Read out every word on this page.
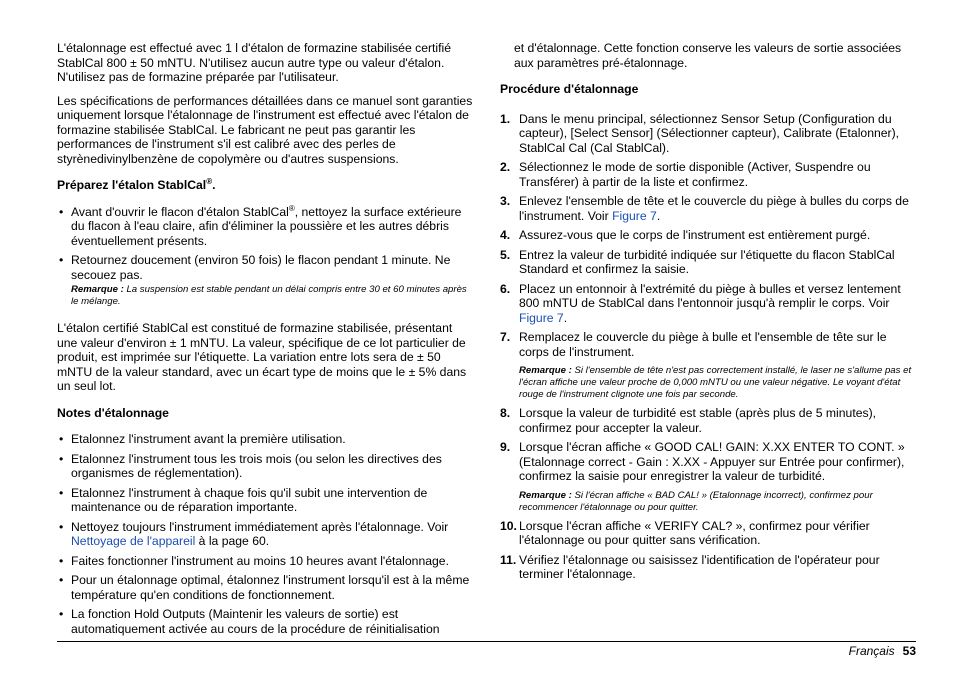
L'étalonnage est effectué avec 1 l d'étalon de formazine stabilisée certifié StablCal 800 ± 50 mNTU. N'utilisez aucun autre type ou valeur d'étalon. N'utilisez pas de formazine préparée par l'utilisateur.

Les spécifications de performances détaillées dans ce manuel sont garanties uniquement lorsque l'étalonnage de l'instrument est effectué avec l'étalon de formazine stabilisée StablCal. Le fabricant ne peut pas garantir les performances de l'instrument s'il est calibré avec des perles de styrènedivinylbenzène de copolymère ou d'autres suspensions.

Préparez l'étalon StablCal®.

• Avant d'ouvrir le flacon d'étalon StablCal®, nettoyez la surface extérieure du flacon à l'eau claire, afin d'éliminer la poussière et les autres débris éventuellement présents.
• Retournez doucement (environ 50 fois) le flacon pendant 1 minute. Ne secouez pas.

Remarque : La suspension est stable pendant un délai compris entre 30 et 60 minutes après le mélange.

L'étalon certifié StablCal est constitué de formazine stabilisée, présentant une valeur d'environ ± 1 mNTU. La valeur, spécifique de ce lot particulier de produit, est imprimée sur l'étiquette. La variation entre lots sera de ± 50 mNTU de la valeur standard, avec un écart type de moins que le ± 5% dans un seul lot.

Notes d'étalonnage

• Etalonnez l'instrument avant la première utilisation.
• Etalonnez l'instrument tous les trois mois (ou selon les directives des organismes de réglementation).
• Etalonnez l'instrument à chaque fois qu'il subit une intervention de maintenance ou de réparation importante.
• Nettoyez toujours l'instrument immédiatement après l'étalonnage. Voir Nettoyage de l'appareil à la page 60.
• Faites fonctionner l'instrument au moins 10 heures avant l'étalonnage.
• Pour un étalonnage optimal, étalonnez l'instrument lorsqu'il est à la même température qu'en conditions de fonctionnement.
• La fonction Hold Outputs (Maintenir les valeurs de sortie) est automatiquement activée au cours de la procédure de réinitialisation

et d'étalonnage. Cette fonction conserve les valeurs de sortie associées aux paramètres pré-étalonnage.

Procédure d'étalonnage

1. Dans le menu principal, sélectionnez Sensor Setup (Configuration du capteur), [Select Sensor] (Sélectionner capteur), Calibrate (Etalonner), StablCal Cal (Cal StablCal).
2. Sélectionnez le mode de sortie disponible (Activer, Suspendre ou Transférer) à partir de la liste et confirmez.
3. Enlevez l'ensemble de tête et le couvercle du piège à bulles du corps de l'instrument. Voir Figure 7.
4. Assurez-vous que le corps de l'instrument est entièrement purgé.
5. Entrez la valeur de turbidité indiquée sur l'étiquette du flacon StablCal Standard et confirmez la saisie.
6. Placez un entonnoir à l'extrémité du piège à bulles et versez lentement 800 mNTU de StablCal dans l'entonnoir jusqu'à remplir le corps. Voir Figure 7.
7. Remplacez le couvercle du piège à bulle et l'ensemble de tête sur le corps de l'instrument.

Remarque : Si l'ensemble de tête n'est pas correctement installé, le laser ne s'allume pas et l'écran affiche une valeur proche de 0,000 mNTU ou une valeur négative. Le voyant d'état rouge de l'instrument clignote une fois par seconde.

8. Lorsque la valeur de turbidité est stable (après plus de 5 minutes), confirmez pour accepter la valeur.
9. Lorsque l'écran affiche « GOOD CAL! GAIN: X.XX ENTER TO CONT. » (Etalonnage correct - Gain : X.XX - Appuyer sur Entrée pour confirmer), confirmez la saisie pour enregistrer la valeur de turbidité.

Remarque : Si l'écran affiche « BAD CAL! » (Etalonnage incorrect), confirmez pour recommencer l'étalonnage ou pour quitter.

10. Lorsque l'écran affiche « VERIFY CAL? », confirmez pour vérifier l'étalonnage ou pour quitter sans vérification.
11. Vérifiez l'étalonnage ou saisissez l'identification de l'opérateur pour terminer l'étalonnage.
Français 53
